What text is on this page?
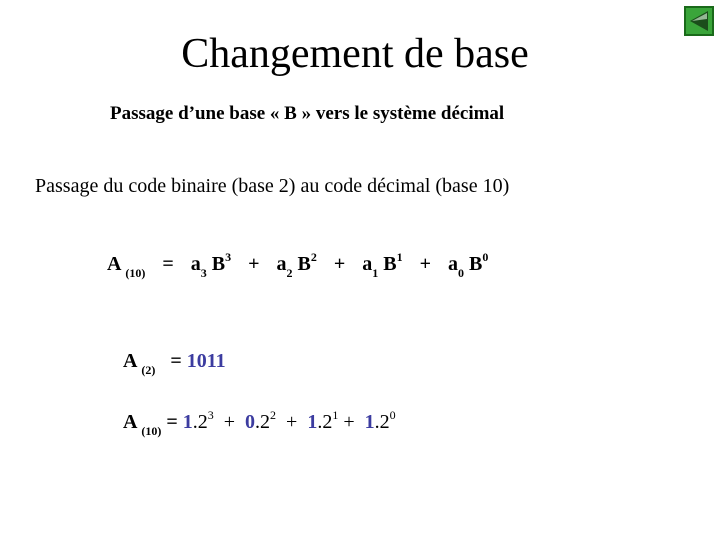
Changement de base
Passage d’une base « B » vers le système décimal
Passage du code binaire (base 2) au code décimal (base 10)
A $_{(10)} = a_3$ $B^3 + a_2$ $B^2 + a_1$ $B^1 + a_0$ $B^0$
A $_{(2)}$ = 1011
A $_{(10)} = 1.2^3 + 0.2^2 + 1.2^1 + 1.2^0$
